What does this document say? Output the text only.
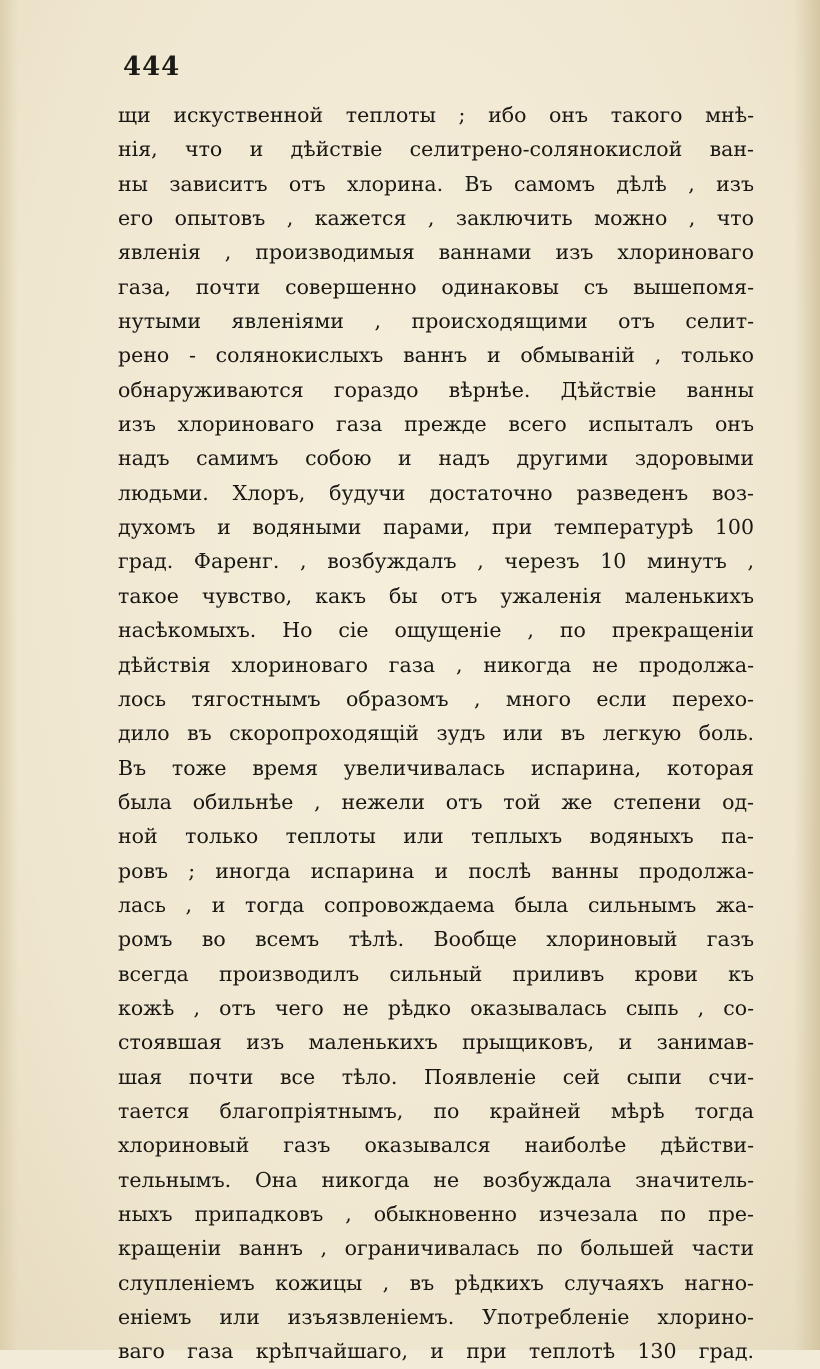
444
щи искуственной теплоты ; ибо онъ такого мнѣ-
нія, что и дѣйствіе селитрено-солянокислой ван-
ны зависитъ отъ хлорина. Въ самомъ дѣлѣ , изъ
его опытовъ , кажется , заключить можно , что
явленія , производимыя ваннами изъ хлориноваго
газа, почти совершенно одинаковы съ вышепомя-
нутыми явленіями , происходящими отъ селит-
рено - солянокислыхъ ваннъ и обмываній , только
обнаруживаются гораздо вѣрнѣе. Дѣйствіе ванны
изъ хлориноваго газа прежде всего испыталъ онъ
надъ самимъ собою и надъ другими здоровыми
людьми. Хлоръ, будучи достаточно разведенъ воз-
духомъ и водяными парами, при температурѣ 100
град. Фаренг. , возбуждалъ , черезъ 10 минутъ ,
такое чувство, какъ бы отъ ужаленія маленькихъ
насѣкомыхъ. Но сіе ощущеніе , по прекращеніи
дѣйствія хлориноваго газа , никогда не продолжа-
лось тягостнымъ образомъ , много если перехо-
дило въ скоропроходящій зудъ или въ легкую боль.
Въ тоже время увеличивалась испарина, которая
была обильнѣе , нежели отъ той же степени од-
ной только теплоты или теплыхъ водяныхъ па-
ровъ ; иногда испарина и послѣ ванны продолжа-
лась , и тогда сопровождаема была сильнымъ жа-
ромъ во всемъ тѣлѣ. Вообще хлориновый газъ
всегда производилъ сильный приливъ крови къ
кожѣ , отъ чего не рѣдко оказывалась сыпь , со-
стоявшая изъ маленькихъ прыщиковъ, и занимав-
шая почти все тѣло. Появленіе сей сыпи счи-
тается благопріятнымъ, по крайней мѣрѣ тогда
хлориновый газъ оказывался наиболѣе дѣйстви-
тельнымъ. Она никогда не возбуждала значитель-
ныхъ припадковъ , обыкновенно изчезала по пре-
кращеніи ваннъ , ограничивалась по большей части
слупленіемъ кожицы , въ рѣдкихъ случаяхъ нагно-
еніемъ или изъязвленіемъ. Употребленіе хлорино-
ваго газа крѣпчайшаго, и при теплотѣ 130 град.
